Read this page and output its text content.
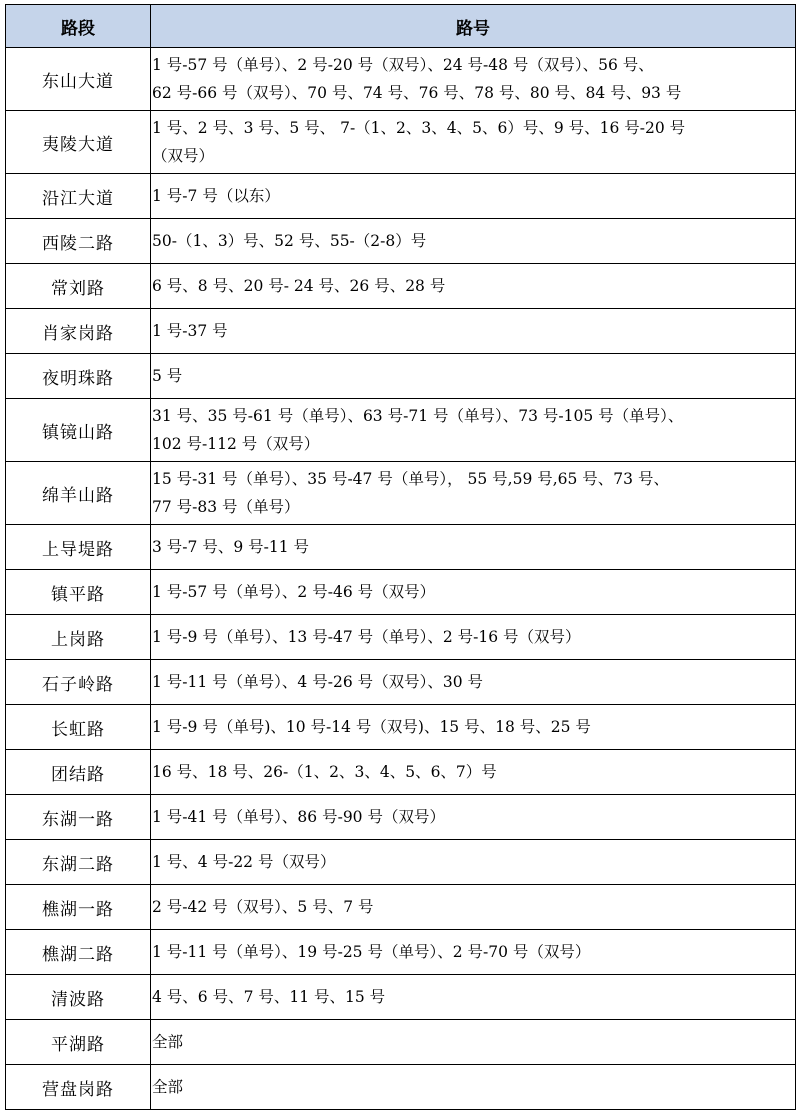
路段	路号
东山大道	1 号-57 号（单号）、2 号-20 号（双号）、24 号-48 号（双号）、56 号、
62 号-66 号（双号）、70 号、74 号、76 号、78 号、80 号、84 号、93 号

夷陵大道	1 号、2 号、3 号、5 号、 7-（1、2、3、4、5、6）号、9 号、16 号-20 号
（双号）

沿江大道	1 号-7 号（以东）

西陵二路	50-（1、3）号、52 号、55-（2-8）号

常刘路	6 号、8 号、20 号- 24 号、26 号、28 号

肖家岗路	1 号-37 号

夜明珠路	5 号

镇镜山路	31 号、35 号-61 号（单号）、63 号-71 号（单号）、73 号-105 号（单号）、
102 号-112 号（双号）

绵羊山路	15 号-31 号（单号）、35 号-47 号（单号）， 55 号,59 号,65 号、73 号、
77 号-83 号（单号）

上导堤路	3 号-7 号、9 号-11 号

镇平路	1 号-57 号（单号）、2 号-46 号（双号）

上岗路	1 号-9 号（单号）、13 号-47 号（单号）、2 号-16 号（双号）

石子岭路	1 号-11 号（单号）、4 号-26 号（双号）、30 号

长虹路	1 号-9 号（单号)、10 号-14 号（双号)、15 号、18 号、25 号

团结路	16 号、18 号、26-（1、2、3、4、5、6、7）号

东湖一路	1 号-41 号（单号）、86 号-90 号（双号）

东湖二路	1 号、4 号-22 号（双号）

樵湖一路	2 号-42 号（双号）、5 号、7 号

樵湖二路	1 号-11 号（单号）、19 号-25 号（单号）、2 号-70 号（双号）

清波路	4 号、6 号、7 号、11 号、15 号

平湖路	全部

营盘岗路	全部
